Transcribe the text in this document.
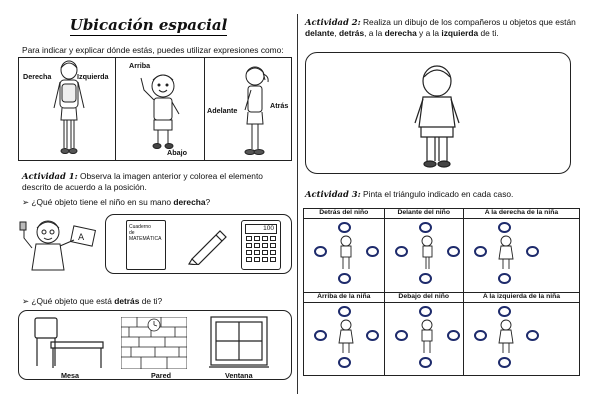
Ubicación espacial
Para indicar y explicar dónde estás, puedes utilizar expresiones como:
Derecha	Izquierda
Arriba
Abajo
Adelante
Atrás
Actividad 1: Observa la imagen anterior y colorea el elemento descrito de acuerdo a la posición.
➢ ¿Qué objeto tiene el niño en su mano derecha?
A
Cuaderno de MATEMÁTICA
100
➢ ¿Qué objeto que está detrás de ti?
Mesa	Pared	Ventana
Actividad 2: Realiza un dibujo de los compañeros u objetos que están delante, detrás, a la derecha y a la izquierda de ti.
Actividad 3: Pinta el triángulo indicado en cada caso.
Detrás del niño	Delante del niño	A la derecha de la niña

Arriba de la niña	Debajo del niño	A la izquierda de la niña
